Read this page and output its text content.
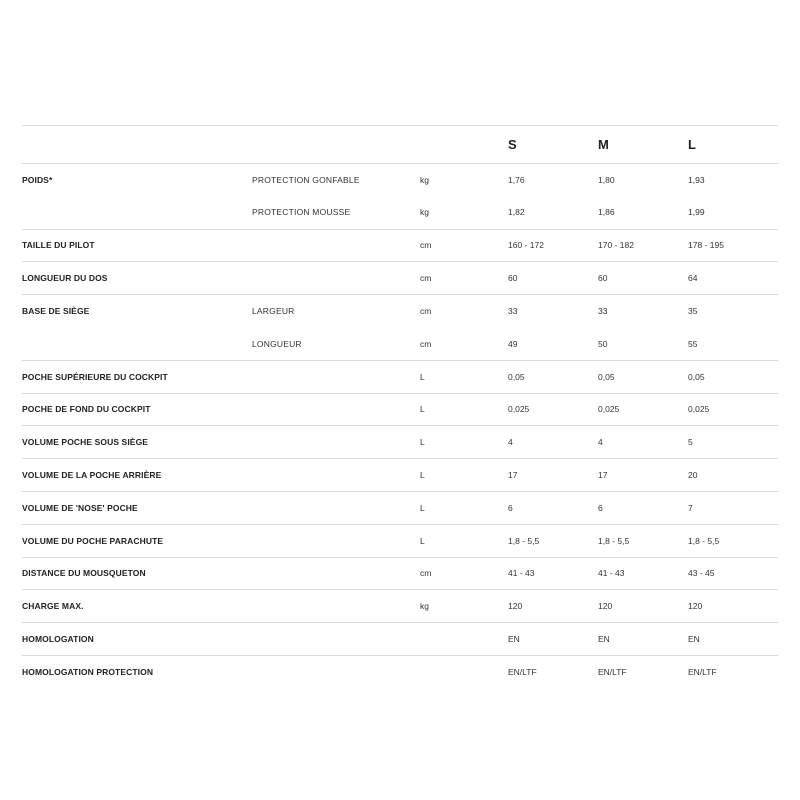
			S	M	L
POIDS*	PROTECTION GONFABLE	kg	1,76	1,80	1,93
	PROTECTION MOUSSE	kg	1,82	1,86	1,99
TAILLE DU PILOT		cm	160 - 172	170 - 182	178 - 195
LONGUEUR DU DOS		cm	60	60	64
BASE DE SIÈGE	LARGEUR	cm	33	33	35
	LONGUEUR	cm	49	50	55
POCHE SUPÉRIEURE DU COCKPIT		L	0,05	0,05	0,05
POCHE DE FOND DU COCKPIT		L	0,025	0,025	0,025
VOLUME POCHE SOUS SIÈGE		L	4	4	5
VOLUME DE LA POCHE ARRIÈRE		L	17	17	20
VOLUME DE 'NOSE' POCHE		L	6	6	7
VOLUME DU POCHE PARACHUTE		L	1,8 - 5,5	1,8 - 5,5	1,8 - 5,5
DISTANCE DU MOUSQUETON		cm	41 - 43	41 - 43	43 - 45
CHARGE MAX.		kg	120	120	120
HOMOLOGATION			EN	EN	EN
HOMOLOGATION PROTECTION			EN/LTF	EN/LTF	EN/LTF
